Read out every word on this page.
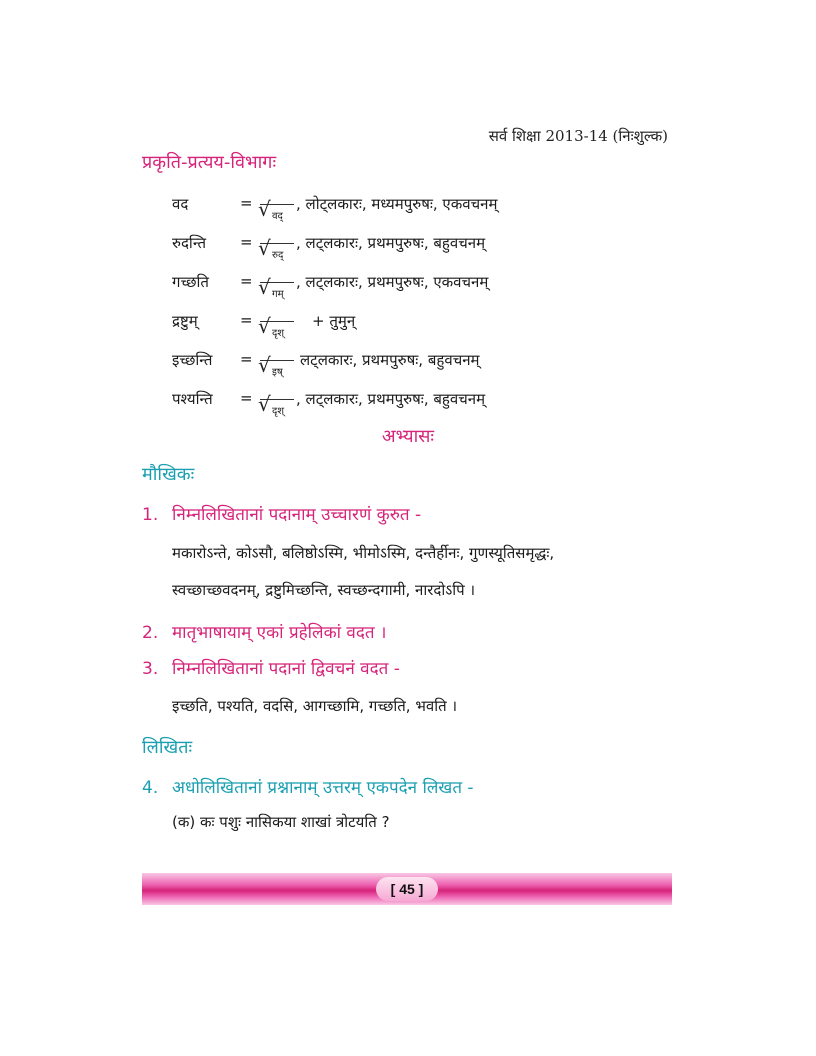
सर्व शिक्षा 2013-14 (निःशुल्क)
प्रकृति-प्रत्यय-विभागः
वद	=
√ वद्
, लोट्लकारः, मध्यमपुरुषः, एकवचनम्
रुदन्ति =
√ रुद्
, लट्लकारः, प्रथमपुरुषः, बहुवचनम्
गच्छति =
√ गम्
, लट्लकारः, प्रथमपुरुषः, एकवचनम्
द्रष्टुम्	=
√ दृश्
+ तुमुन्
इच्छन्ति =
√ इष्
लट्लकारः, प्रथमपुरुषः, बहुवचनम्
पश्यन्ति =
√ दृश्
, लट्लकारः, प्रथमपुरुषः, बहुवचनम्
अभ्यासः
मौखिकः
1. निम्नलिखितानां पदानाम् उच्चारणं कुरुत -
मकारोऽन्ते, कोऽसौ, बलिष्ठोऽस्मि, भीमोऽस्मि, दन्तैर्हीनः, गुणस्यूतिसमृद्धः,
स्वच्छाच्छवदनम्, द्रष्टुमिच्छन्ति, स्वच्छन्दगामी, नारदोऽपि ।
2. मातृभाषायाम् एकां प्रहेलिकां वदत ।
3. निम्नलिखितानां पदानां द्विवचनं वदत -
इच्छति, पश्यति, वदसि, आगच्छामि, गच्छति, भवति ।
लिखितः
4. अधोलिखितानां प्रश्नानाम् उत्तरम् एकपदेन लिखत -
(क) कः पशुः नासिकया शाखां त्रोटयति ?
[ 45 ]
